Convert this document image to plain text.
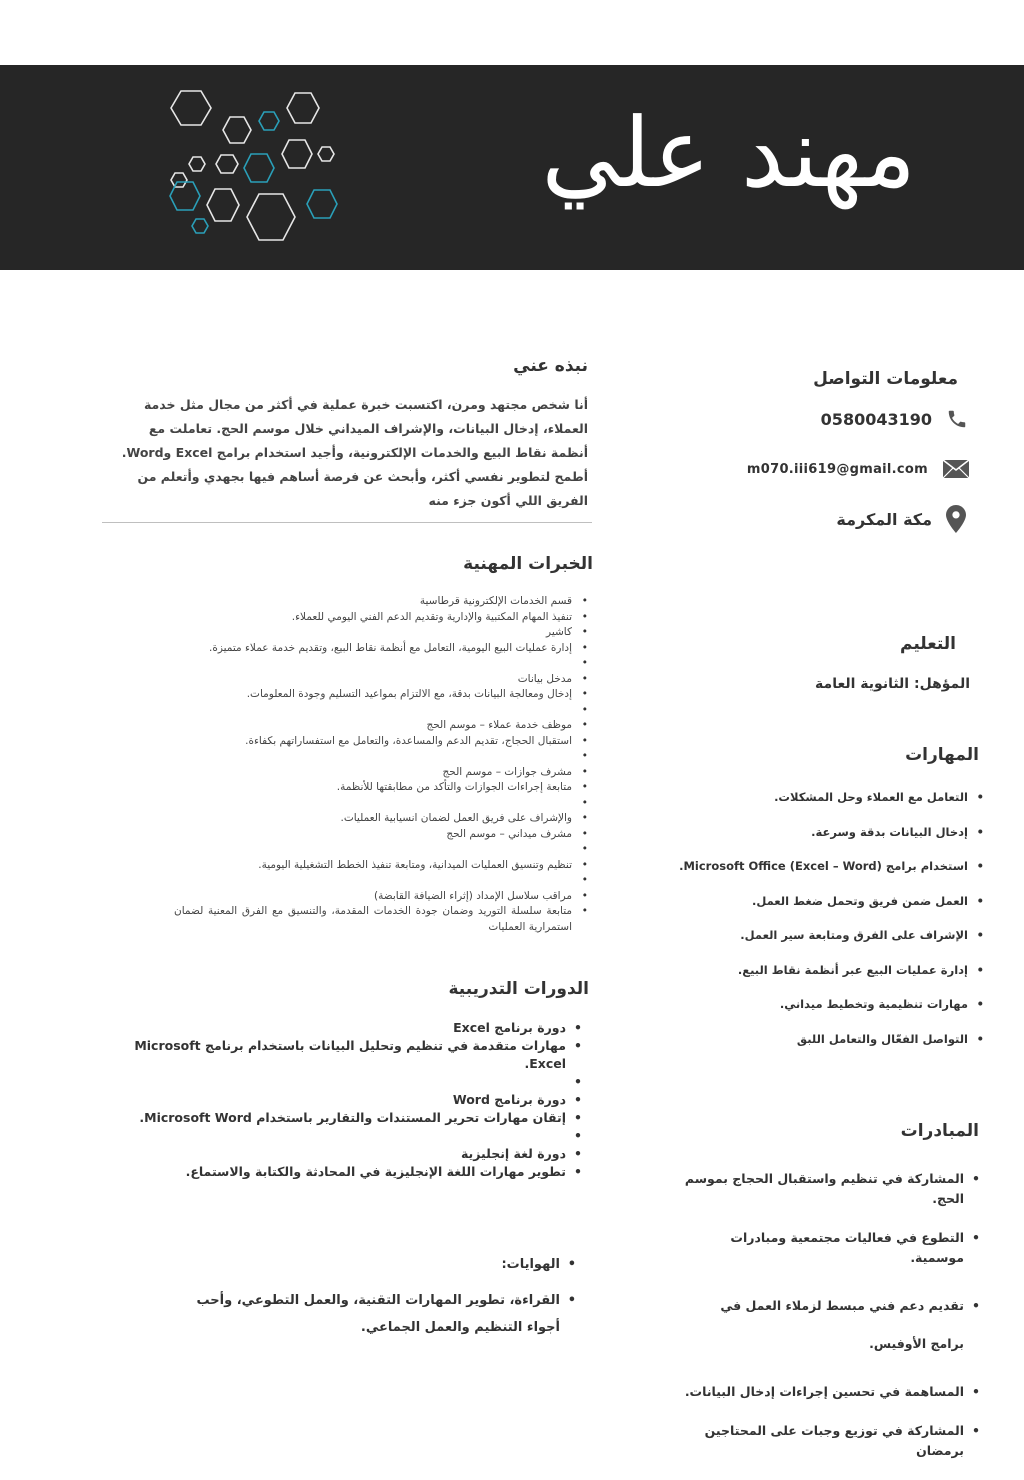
مهند علي
معلومات التواصل
0580043190
m070.iii619@gmail.com
مكة المكرمة
التعليم
المؤهل: الثانوية العامة
المهارات
• التعامل مع العملاء وحل المشكلات.
• إدخال البيانات بدقة وسرعة.
• استخدام برامج Microsoft Office (Excel – Word).
• العمل ضمن فريق وتحمل ضغط العمل.
• الإشراف على الفرق ومتابعة سير العمل.
• إدارة عمليات البيع عبر أنظمة نقاط البيع.
• مهارات تنظيمية وتخطيط ميداني.
• التواصل الفعّال والتعامل اللبق
المبادرات
• المشاركة في تنظيم واستقبال الحجاج بموسم الحج.
• التطوع في فعاليات مجتمعية ومبادرات موسمية.
• تقديم دعم فني مبسط لزملاء العمل في برامج الأوفيس.
• المساهمة في تحسين إجراءات إدخال البيانات.
• المشاركة في توزيع وجبات على المحتاجين برمضان
نبذه عني
أنا شخص مجتهد ومرن، اكتسبت خبرة عملية في أكثر من مجال مثل خدمة العملاء، إدخال البيانات، والإشراف الميداني خلال موسم الحج. تعاملت مع أنظمة نقاط البيع والخدمات الإلكترونية، وأجيد استخدام برامج Excel وWord. أطمح لتطوير نفسي أكثر، وأبحث عن فرصة أساهم فيها بجهدي وأتعلم من الفريق اللي أكون جزء منه
الخبرات المهنية
• قسم الخدمات الإلكترونية قرطاسية
• تنفيذ المهام المكتبية والإدارية وتقديم الدعم الفني اليومي للعملاء.
• كاشير
• إدارة عمليات البيع اليومية، التعامل مع أنظمة نقاط البيع، وتقديم خدمة عملاء متميزة.
•
• مدخل بيانات
• إدخال ومعالجة البيانات بدقة، مع الالتزام بمواعيد التسليم وجودة المعلومات.
•
• موظف خدمة عملاء – موسم الحج
• استقبال الحجاج، تقديم الدعم والمساعدة، والتعامل مع استفساراتهم بكفاءة.
•
• مشرف جوازات – موسم الحج
• متابعة إجراءات الجوازات والتأكد من مطابقتها للأنظمة.
•
• والإشراف على فريق العمل لضمان انسيابية العمليات.
• مشرف ميداني – موسم الحج
•
• تنظيم وتنسيق العمليات الميدانية، ومتابعة تنفيذ الخطط التشغيلية اليومية.
•
• مراقب سلاسل الإمداد (إثراء الضيافة القابضة)
• متابعة سلسلة التوريد وضمان جودة الخدمات المقدمة، والتنسيق مع الفرق المعنية لضمان استمرارية العمليات
الدورات التدريبية
• دورة برنامج Excel
• مهارات متقدمة في تنظيم وتحليل البيانات باستخدام برنامج Microsoft Excel.
•
• دورة برنامج Word
• إتقان مهارات تحرير المستندات والتقارير باستخدام Microsoft Word.
•
• دورة لغة إنجليزية
• تطوير مهارات اللغة الإنجليزية في المحادثة والكتابة والاستماع.
• الهوايات:
• القراءة، تطوير المهارات التقنية، والعمل التطوعي، وأحب أجواء التنظيم والعمل الجماعي.
